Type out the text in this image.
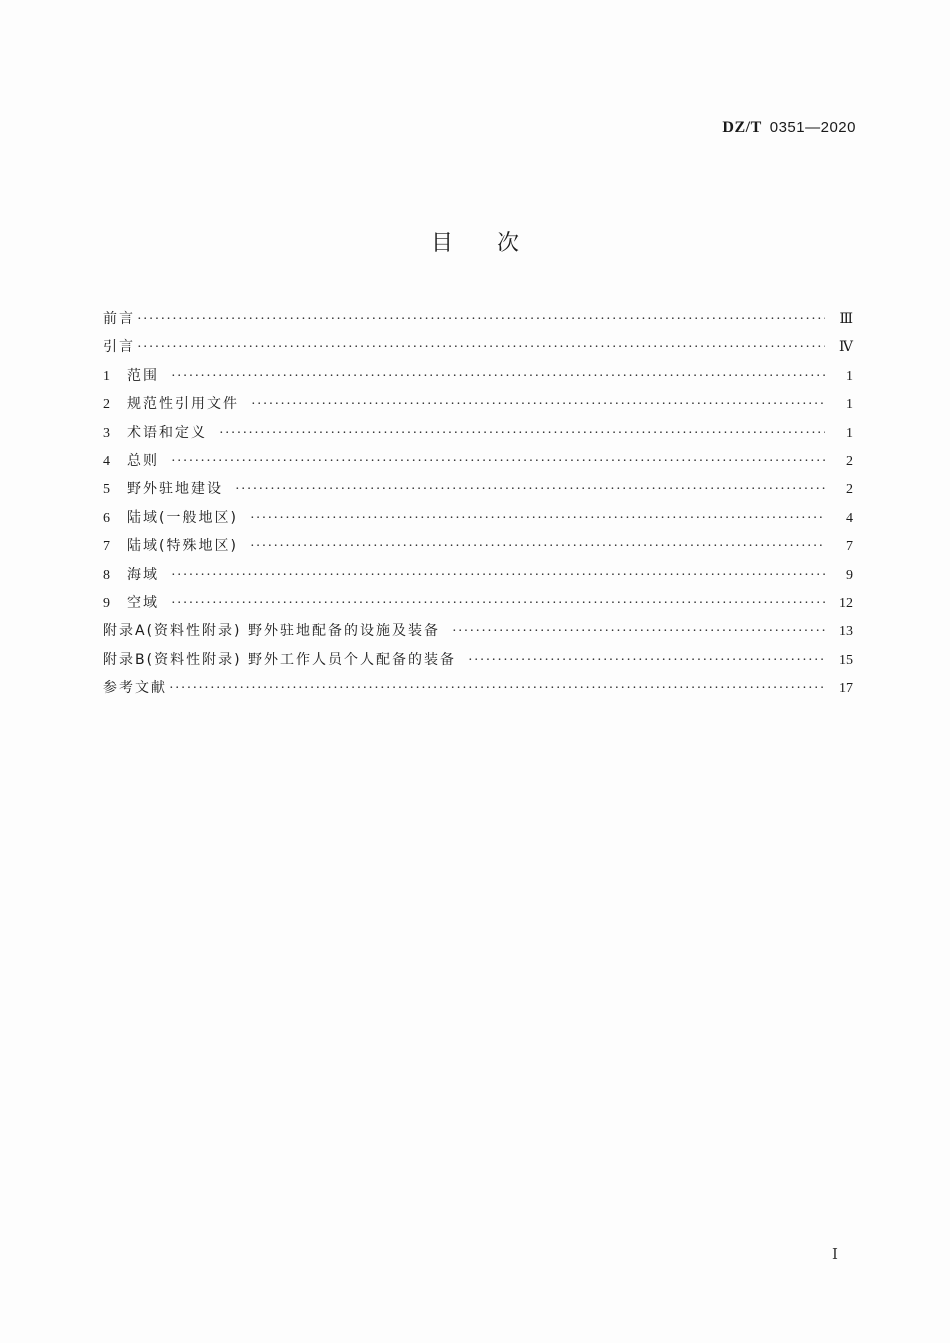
DZ/T 0351—2020
目次
前言 ·····	Ⅲ
引言 ·····	Ⅳ
1	范围 ·····	1
2	规范性引用文件 ·····	1
3	术语和定义 ·····	1
4	总则 ·····	2
5	野外驻地建设 ·····	2
6	陆域(一般地区) ·····	4
7	陆域(特殊地区) ·····	7
8	海域 ·····	9
9	空域 ·····	12
附录A(资料性附录) 野外驻地配备的设施及装备 ·····	13
附录B(资料性附录) 野外工作人员个人配备的装备 ·····	15
参考文献 ·····	17
Ⅰ
